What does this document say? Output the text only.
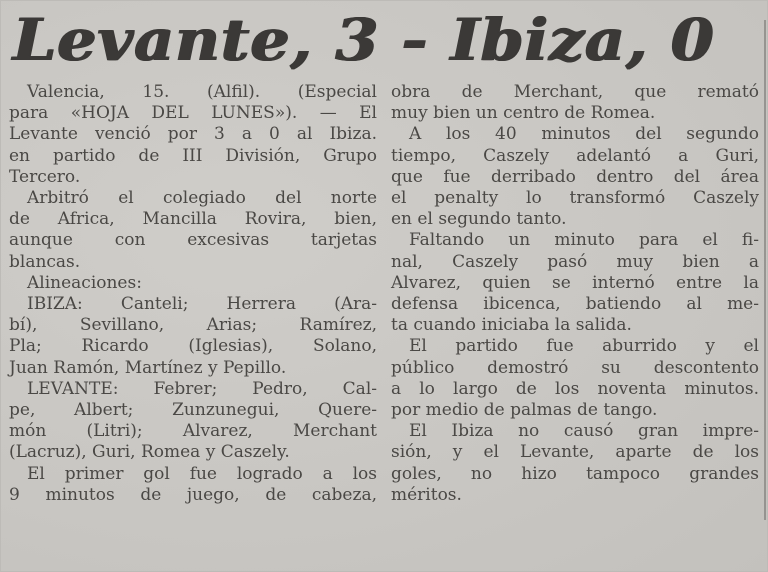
Levante, 3 - Ibiza, 0
Valencia, 15. (Alfil). (Especial
para «HOJA DEL LUNES»). — El
Levante venció por 3 a 0 al Ibiza.
en partido de III División, Grupo
Tercero.
Arbitró el colegiado del norte
de Africa, Mancilla Rovira, bien,
aunque con excesivas tarjetas
blancas.
Alineaciones:
IBIZA: Canteli; Herrera (Ara-
bí), Sevillano, Arias; Ramírez,
Pla; Ricardo (Iglesias), Solano,
Juan Ramón, Martínez y Pepillo.
LEVANTE: Febrer; Pedro, Cal-
pe, Albert; Zunzunegui, Quere-
món (Litri); Alvarez, Merchant
(Lacruz), Guri, Romea y Caszely.
El primer gol fue logrado a los
9 minutos de juego, de cabeza,
obra de Merchant, que remató
muy bien un centro de Romea.
A los 40 minutos del segundo
tiempo, Caszely adelantó a Guri,
que fue derribado dentro del área
el penalty lo transformó Caszely
en el segundo tanto.
Faltando un minuto para el fi-
nal, Caszely pasó muy bien a
Alvarez, quien se internó entre la
defensa ibicenca, batiendo al me-
ta cuando iniciaba la salida.
El partido fue aburrido y el
público demostró su descontento
a lo largo de los noventa minutos.
por medio de palmas de tango.
El Ibiza no causó gran impre-
sión, y el Levante, aparte de los
goles, no hizo tampoco grandes
méritos.
